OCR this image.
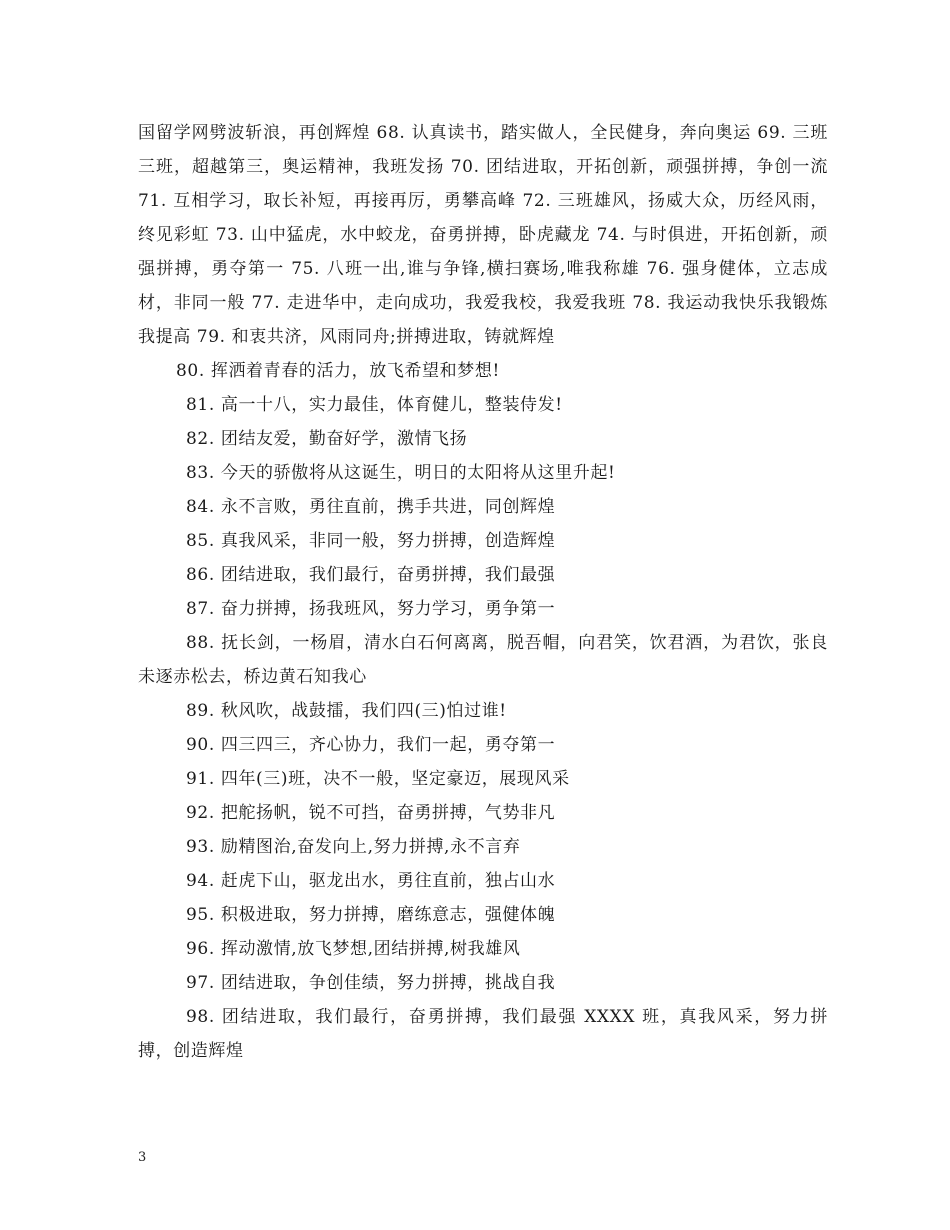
国留学网劈波斩浪，再创辉煌 68. 认真读书，踏实做人，全民健身，奔向奥运 69. 三班三班，超越第三，奥运精神，我班发扬 70. 团结进取，开拓创新，顽强拼搏，争创一流 71. 互相学习，取长补短，再接再厉，勇攀高峰 72. 三班雄风，扬威大众，历经风雨，终见彩虹 73. 山中猛虎，水中蛟龙，奋勇拼搏，卧虎藏龙 74. 与时俱进，开拓创新，顽强拼搏，勇夺第一 75. 八班一出,谁与争锋,横扫赛场,唯我称雄 76. 强身健体，立志成材，非同一般 77. 走进华中，走向成功，我爱我校，我爱我班 78. 我运动我快乐我锻炼我提高 79. 和衷共济，风雨同舟;拼搏进取，铸就辉煌

80. 挥洒着青春的活力，放飞希望和梦想!

81. 高一十八，实力最佳，体育健儿，整装侍发!

82. 团结友爱，勤奋好学，激情飞扬

83. 今天的骄傲将从这诞生，明日的太阳将从这里升起!

84. 永不言败，勇往直前，携手共进，同创辉煌

85. 真我风采，非同一般，努力拼搏，创造辉煌

86. 团结进取，我们最行，奋勇拼搏，我们最强

87. 奋力拼搏，扬我班风，努力学习，勇争第一

88. 抚长剑，一杨眉，清水白石何离离，脱吾帽，向君笑，饮君酒，为君饮，张良未逐赤松去，桥边黄石知我心

89. 秋风吹，战鼓擂，我们四(三)怕过谁!

90. 四三四三，齐心协力，我们一起，勇夺第一

91. 四年(三)班，决不一般，坚定豪迈，展现风采

92. 把舵扬帆，锐不可挡，奋勇拼搏，气势非凡

93. 励精图治,奋发向上,努力拼搏,永不言弃

94. 赶虎下山，驱龙出水，勇往直前，独占山水

95. 积极进取，努力拼搏，磨练意志，强健体魄

96. 挥动激情,放飞梦想,团结拼搏,树我雄风

97. 团结进取，争创佳绩，努力拼搏，挑战自我

98. 团结进取，我们最行，奋勇拼搏，我们最强 XXXX 班，真我风采，努力拼搏，创造辉煌

3
